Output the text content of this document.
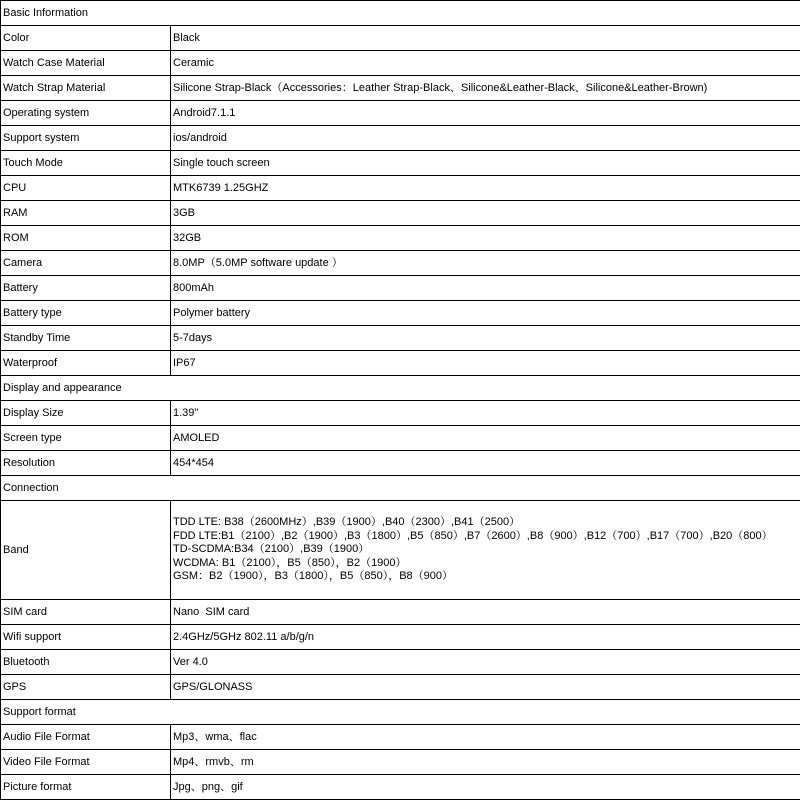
Basic Information	
Color	Black
Watch Case Material	Ceramic
Watch Strap Material	Silicone Strap-Black（Accessories：Leather Strap-Black、Silicone&Leather-Black、Silicone&Leather-Brown)
Operating system	Android7.1.1
Support system	ios/android
Touch Mode	Single touch screen
CPU	MTK6739 1.25GHZ
RAM	3GB
ROM	32GB
Camera	8.0MP（5.0MP software update ）
Battery	800mAh
Battery type	Polymer battery
Standby Time	5-7days
Waterproof	IP67
Display and appearance	
Display Size	1.39"
Screen type	AMOLED
Resolution	454*454
Connection	
Band	TDD LTE: B38（2600MHz）,B39（1900）,B40（2300）,B41（2500）
FDD LTE:B1（2100）,B2（1900）,B3（1800）,B5（850）,B7（2600）,B8（900）,B12（700）,B17（700）,B20（800）
TD-SCDMA:B34（2100）,B39（1900）
WCDMA: B1（2100），B5（850），B2（1900）
GSM：B2（1900），B3（1800），B5（850），B8（900）

SIM card	Nano  SIM card
Wifi support	2.4GHz/5GHz 802.11 a/b/g/n
Bluetooth	Ver 4.0
GPS	GPS/GLONASS
Support format	
Audio File Format	Mp3、wma、flac
Video File Format	Mp4、rmvb、rm
Picture format	Jpg、png、gif
